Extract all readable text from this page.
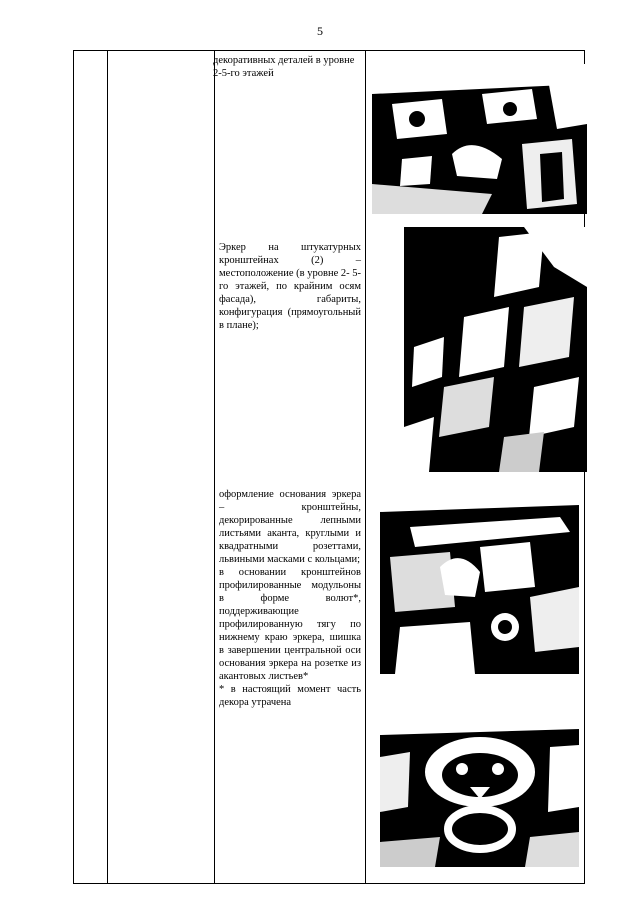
5
декоративных деталей в уровне 2-5-го этажей
Эркер на штукатурных кронштейнах (2) – местоположение (в уровне 2- 5-го этажей, по крайним осям фасада), габариты, конфигурация (прямоугольный в плане);
оформление основания эркера – кронштейны, декорированные лепными листьями аканта, круглыми и квадратными розеттами, львиными масками с кольцами;
в основании кронштейнов профилированные модульоны в форме волют*, поддерживающие профилированную тягу по нижнему краю эркера, шишка в завершении центральной оси основания эркера на розетке из акантовых листьев*
* в настоящий момент часть декора утрачена
